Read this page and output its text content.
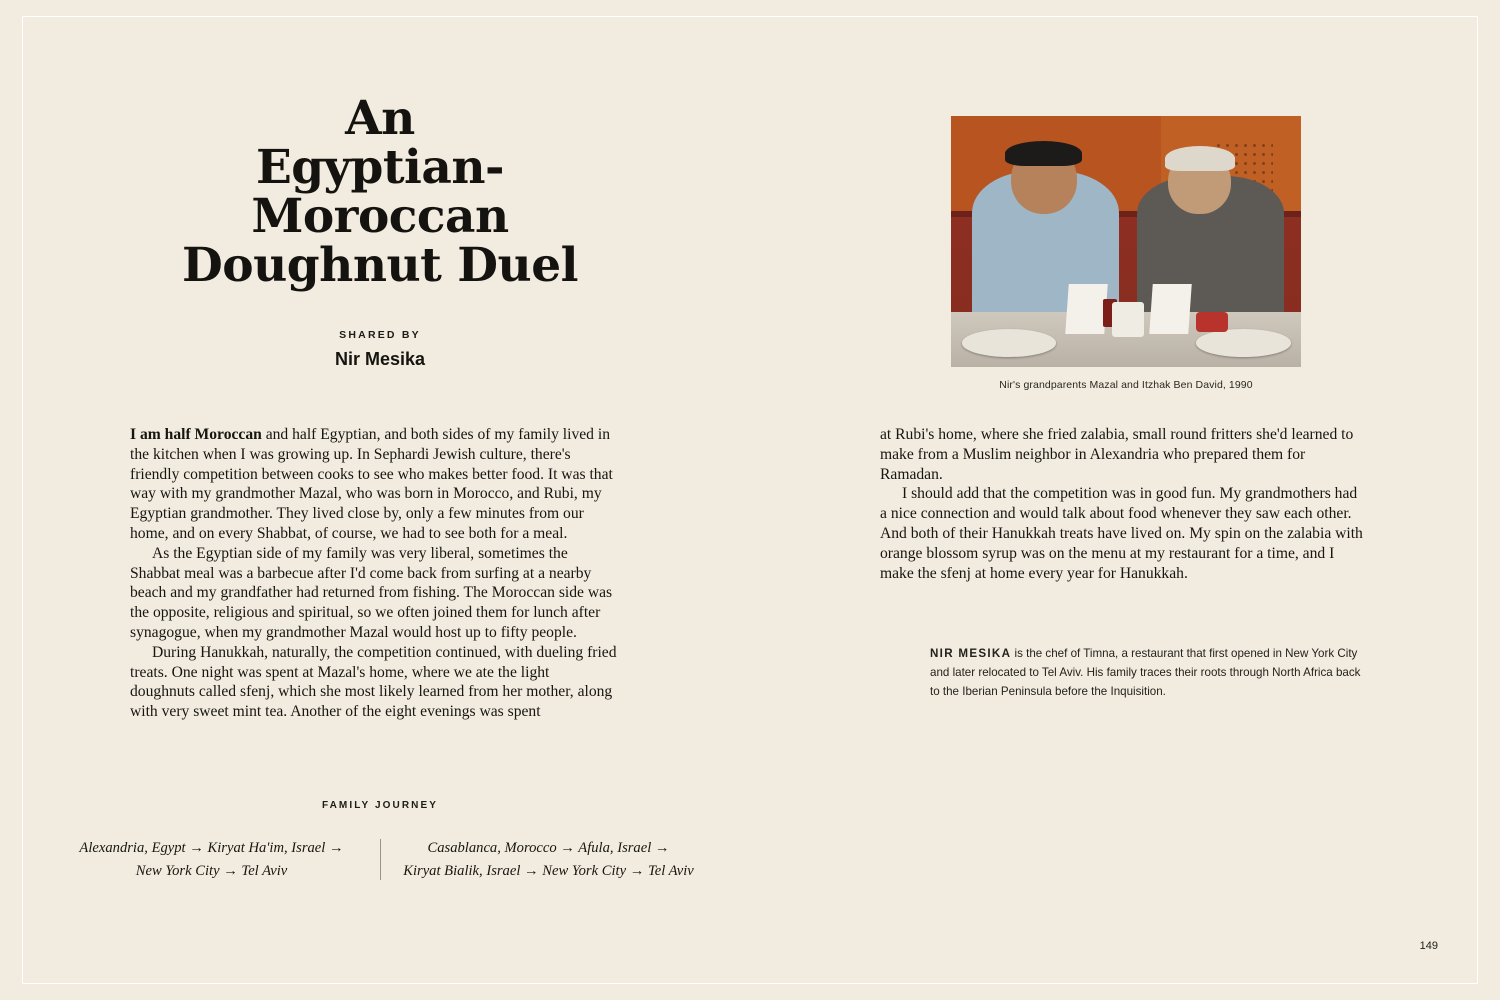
An
Egyptian-Moroccan
Doughnut Duel
SHARED BY
Nir Mesika

I am half Moroccan and half Egyptian, and both sides of my family lived in the kitchen when I was growing up. In Sephardi Jewish culture, there's friendly competition between cooks to see who makes better food. It was that way with my grandmother Mazal, who was born in Morocco, and Rubi, my Egyptian grandmother. They lived close by, only a few minutes from our home, and on every Shabbat, of course, we had to see both for a meal.

As the Egyptian side of my family was very liberal, sometimes the Shabbat meal was a barbecue after I'd come back from surfing at a nearby beach and my grandfather had returned from fishing. The Moroccan side was the opposite, religious and spiritual, so we often joined them for lunch after synagogue, when my grandmother Mazal would host up to fifty people.

During Hanukkah, naturally, the competition continued, with dueling fried treats. One night was spent at Mazal's home, where we ate the light doughnuts called sfenj, which she most likely learned from her mother, along with very sweet mint tea. Another of the eight evenings was spent

FAMILY JOURNEY
Alexandria, Egypt → Kiryat Ha'im, Israel →
New York City → Tel Aviv
Casablanca, Morocco → Afula, Israel →
Kiryat Bialik, Israel → New York City → Tel Aviv
Nir's grandparents Mazal and Itzhak Ben David, 1990

at Rubi's home, where she fried zalabia, small round fritters she'd learned to make from a Muslim neighbor in Alexandria who prepared them for Ramadan.

I should add that the competition was in good fun. My grandmothers had a nice connection and would talk about food whenever they saw each other. And both of their Hanukkah treats have lived on. My spin on the zalabia with orange blossom syrup was on the menu at my restaurant for a time, and I make the sfenj at home every year for Hanukkah.

NIR MESIKA is the chef of Timna, a restaurant that first opened in New York City and later relocated to Tel Aviv. His family traces their roots through North Africa back to the Iberian Peninsula before the Inquisition.
149
